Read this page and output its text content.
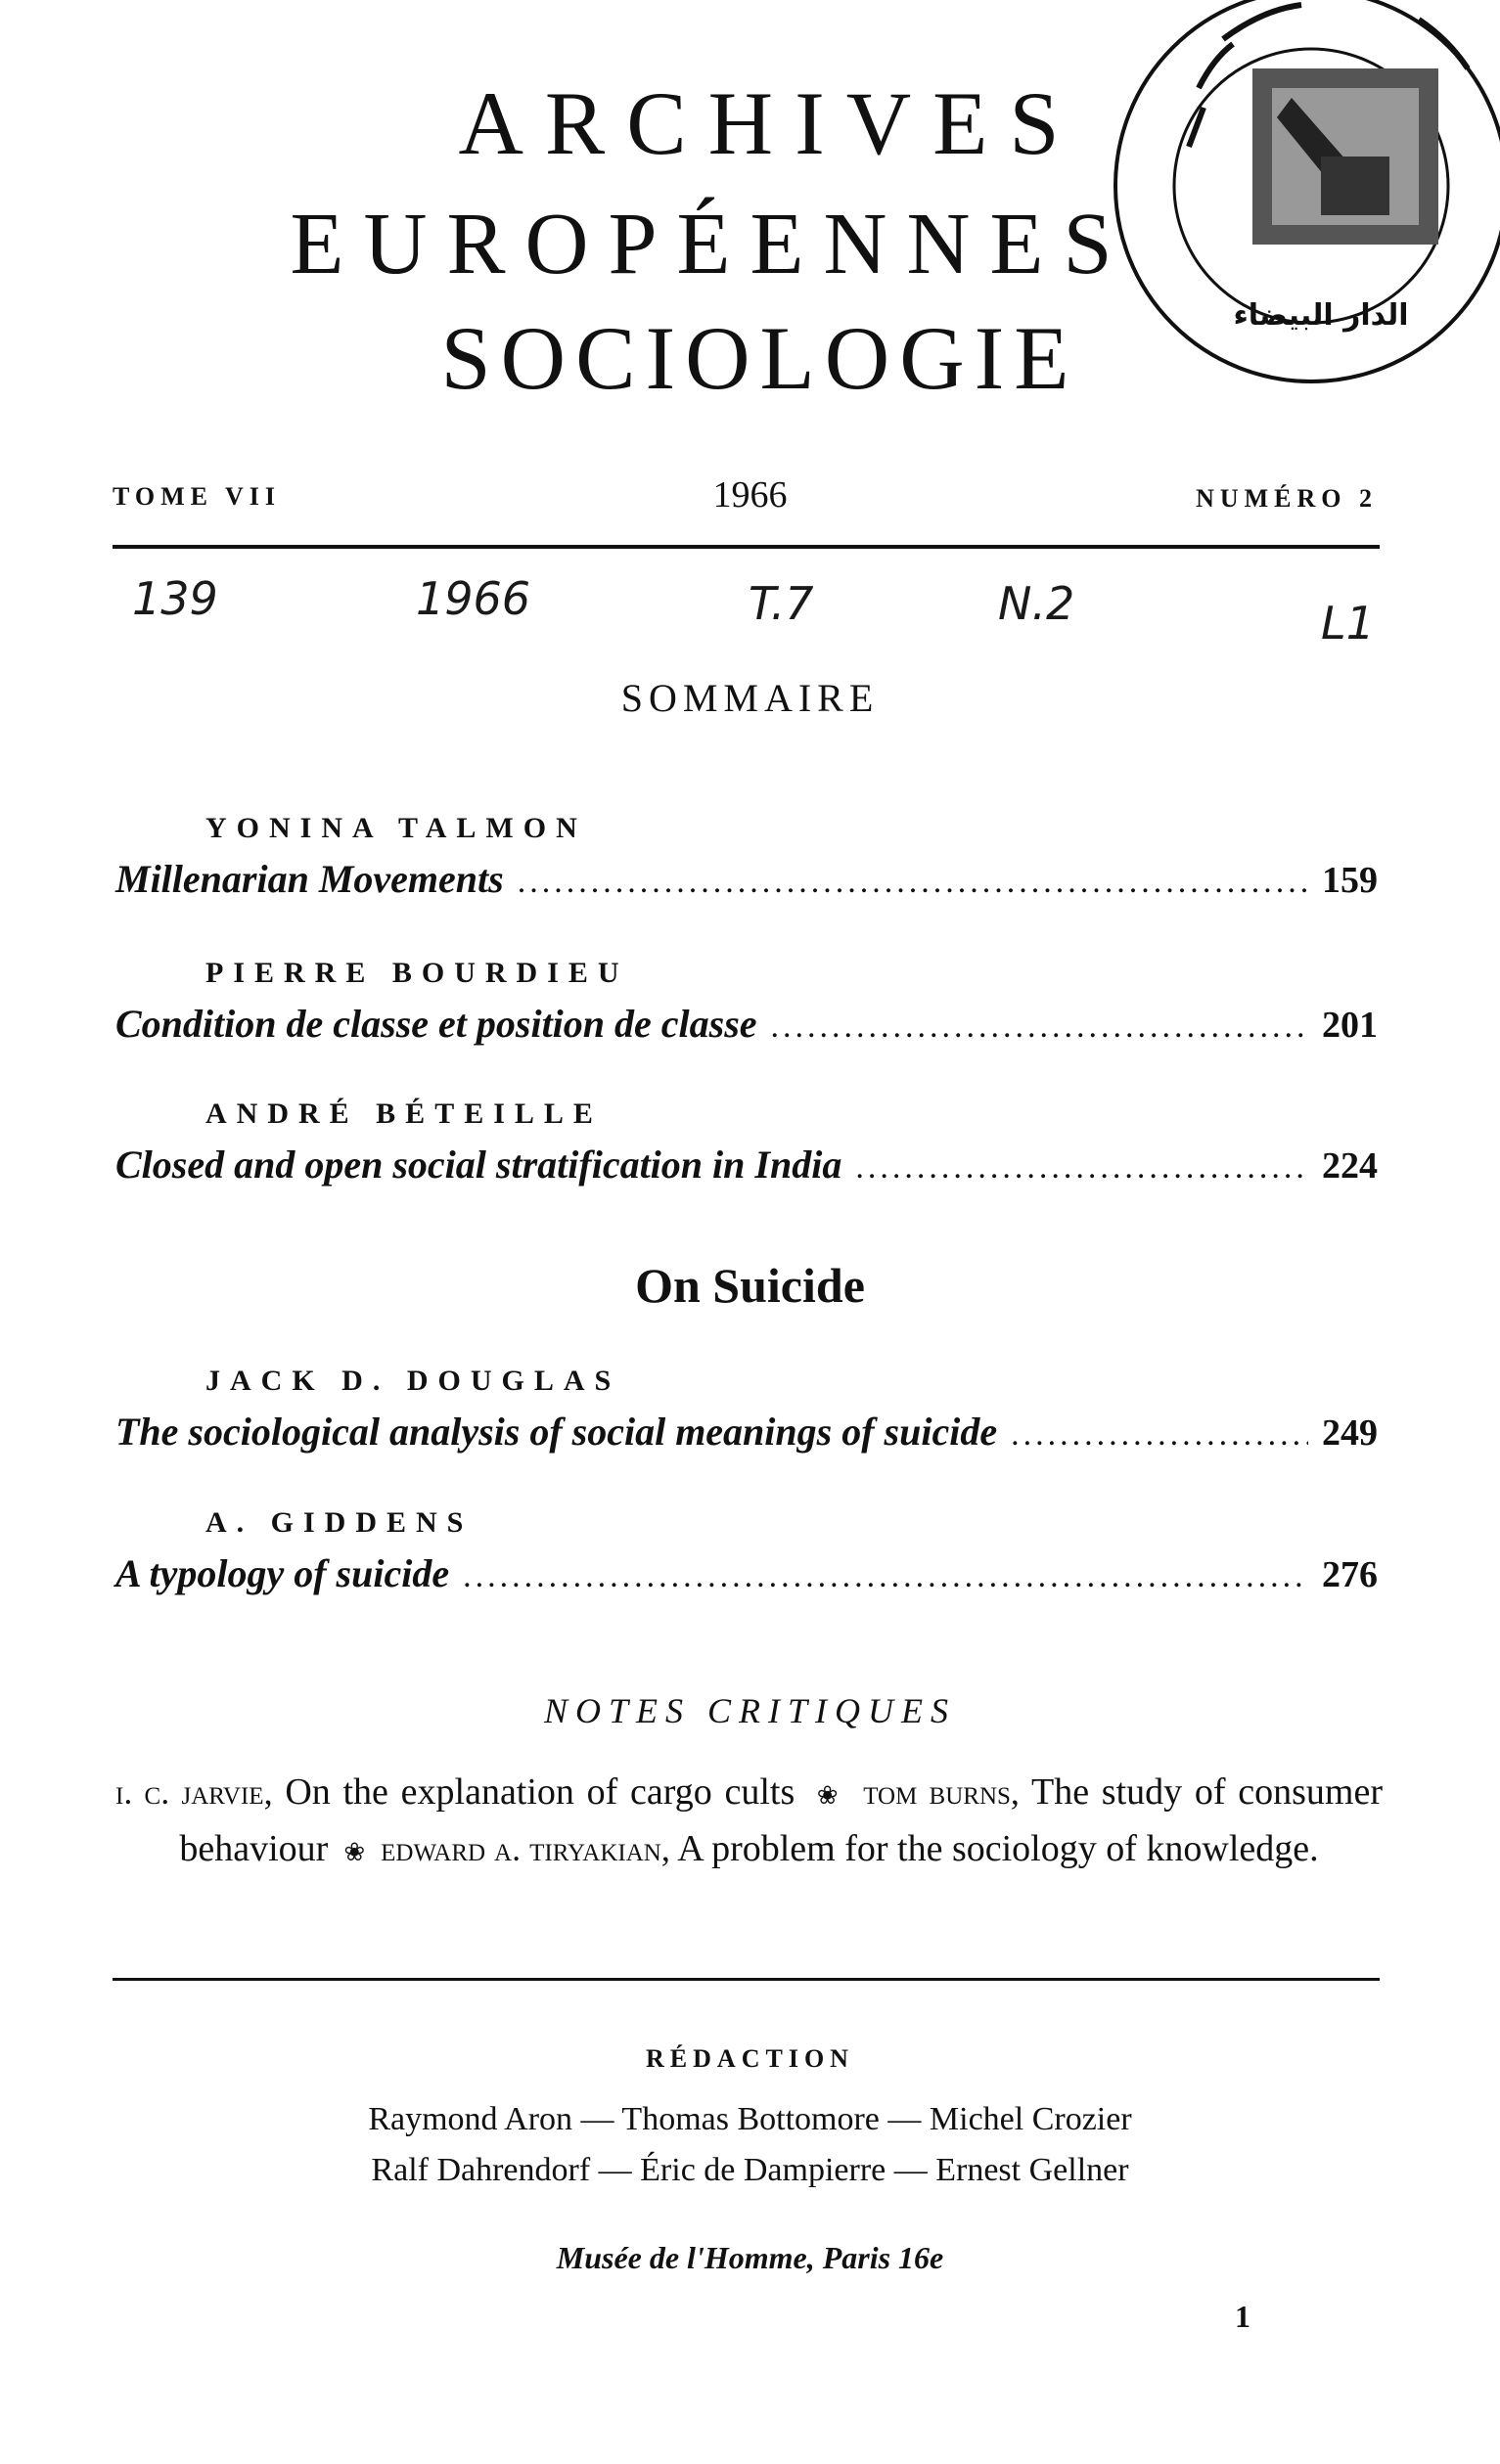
ARCHIVES
EUROPÉENNES
SOCIOLOGIE	الدار البيضاء
TOME VII	1966	NUMÉRO 2
139	1966	T.7	N.2	L1
SOMMAIRE
YONINA TALMON
Millenarian Movements .....	159
PIERRE BOURDIEU
Condition de classe et position de classe .....	201
ANDRÉ BÉTEILLE
Closed and open social stratification in India .....	224
On Suicide
JACK D. DOUGLAS
The sociological analysis of social meanings of suicide .....	249
A. GIDDENS
A typology of suicide .....	276
NOTES CRITIQUES
i. c. jarvie, On the explanation of cargo cults  ❀  tom burns, The study of consumer behaviour  ❀  edward a. tiryakian, A problem for the sociology of knowledge.
RÉDACTION
Raymond Aron — Thomas Bottomore — Michel Crozier
Ralf Dahrendorf — Éric de Dampierre — Ernest Gellner
Musée de l'Homme, Paris 16e
1
